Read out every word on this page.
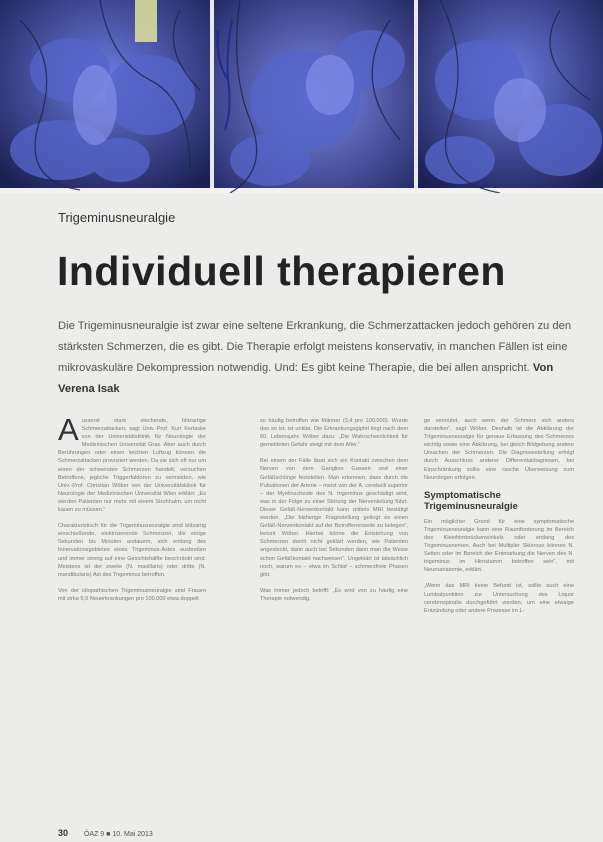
Trigeminusneuralgie
Individuell therapieren
Die Trigeminusneuralgie ist zwar eine seltene Erkrankung, die Schmerzattacken jedoch gehören zu den stärksten Schmerzen, die es gibt. Die Therapie erfolgt meistens konservativ, in manchen Fällen ist eine mikrovaskuläre Dekompression notwendig. Und: Es gibt keine Therapie, die bei allen anspricht. Von Verena Isak

Ausserst stark stechende, blitzartige Schmerzattacken, sagt Univ.-Prof. Kurt Kerlaske von der Universitätsklinik für Neurologie der Medizinischen Universität Graz. Aber auch durch Berührungen oder einen leichten Luftzug können die Schmerzattacken provoziert werden. Da sie sich oft nur um einen der schwersten Schmerzen handelt, versuchen Betroffene, jegliche Triggerfaktoren zu vermeiden, wie Univ.-Prof. Christian Wöber von der Universitätsklinik für Neurologie der Medizinischen Universität Wien erklärt: „Es werden Patienten nur mehr mit einem Strohhalm, um nicht kauen zu müssen.“

Charakteristisch für die Trigeminusneuralgie sind blitzartig einschießende, elektrisierende Schmerzen, die einige Sekunden bis Minuten andauern, sich entlang des Innervationsgebietes eines Trigeminus-Astes ausbreiten und immer streng auf eine Gesichtshälfte beschränkt sind. Meistens ist der zweite (N. maxillaris) oder dritte (N. mandibularis) Ast des Trigeminus betroffen.

Von der idiopathischen Trigeminusneuralgie sind Frauen mit zirka 5,9 Neuerkrankungen pro 100.000 etwa doppelt

so häufig betroffen wie Männer (3,4 pro 100.000). Wurde das so ist, ist unklar. Die Erkrankungsgipfel liegt nach dem 60. Lebensjahr. Wöber dazu: „Die Wahrscheinlichkeit für gemeldeten Gefahr steigt mit dem Alter.“

Bei einem der Fälle lässt sich ein Kontakt zwischen dem Nerven von dem Ganglion Gasseri und einer Gefäßschlinge feststellen. Man erkennen, dass durch die Pulsationen der Arterie – meist von der A. cerebelli superior – der Myelinscheide des N. trigeminus geschädigt wird, was in der Folge zu einer Störung der Nervenleitung führt. Dieser Gefäß-Nervenkontakt kann mittels MRI bestätigt werden. „Die bisherige Fragestellung gelingt es einen Gefäß-Nervenkontakt auf der Betroffenenseite zu belegen“, betont Wöber. Hierbei könne die Entstehung von Schmerzen damit nicht geklärt werden, wie Patienten angesteckt, dann auch bei Sekunden dann man die Weise schon Gefäßkontakt nachweisen“. Ungeklärt ist tatsächlich noch, warum es – etwa im Schlaf – schmerzfreie Phasen gibt.

Was immer jedoch betrifft: „Es wird von zu häufig eine Therapie notwendig.

ge vermutet, auch wenn der Schmerz sich anders darstellen“, sagt Wöber. Deshalb ist die Abklärung der Trigeminusneuralgie für genaue Erfassung des Schmerzes wichtig sowie eine Abklärung, bei gleich Bildgebung andere Ursachen der Schmerzen. Die Diagnosestellung erfolgt durch Ausschluss anderer Differentialdiagnosen, bei Einschränkung sollte eine rasche Überweisung zum Neurologen erfolgen.

Symptomatische Trigeminusneuralgie

Ein möglicher Grund für eine symptomatische Trigeminusneuralgie kann eine Raumforderung im Bereich des Kleinhirnbrückenwinkels oder entlang des Trigeminusnerven. Auch bei Multipler Sklerose können N. Seiten oder im Bereich der Entmarkung die Nerven des N. trigeminus im Hirnstamm betroffen sein“, mit Neuroanatomie, erklärt.

„Wenn das MRI keine Befund ist, sollte auch eine Lumbalpunktion zur Untersuchung des Liquor cerebrospinalis durchgeführt werden, um eine etwaige Entzündung oder andere Prozesse im L-

30 ÖAZ 9 ■ 10. Mai 2013
